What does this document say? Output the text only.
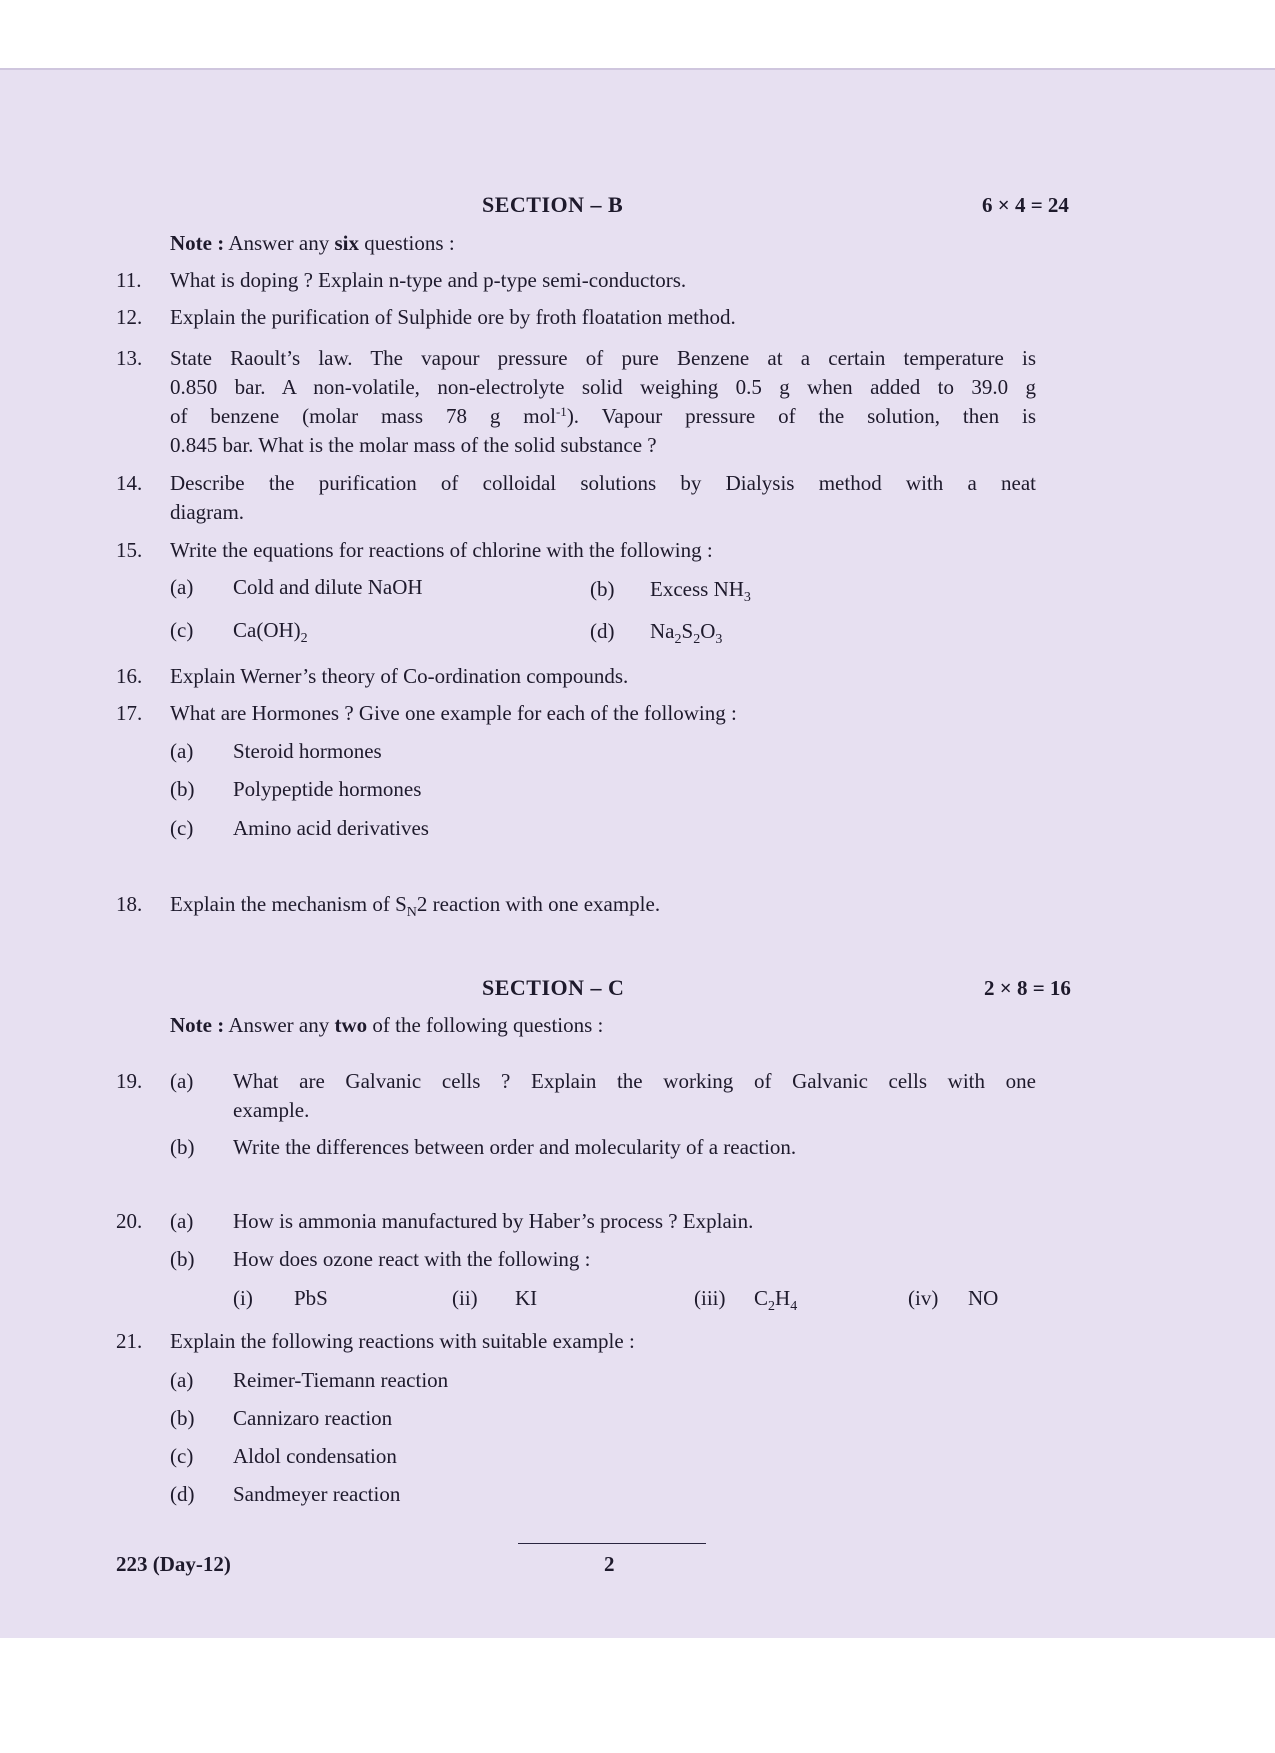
SECTION – B	6 × 4 = 24
Note : Answer any six questions :
11.	What is doping ? Explain n-type and p-type semi-conductors.
12.	Explain the purification of Sulphide ore by froth floatation method.
13.	State Raoult’s law. The vapour pressure of pure Benzene at a certain temperature is
0.850 bar. A non-volatile, non-electrolyte solid weighing 0.5 g when added to 39.0 g
of benzene (molar mass 78 g mol$^{-1}$). Vapour pressure of the solution, then is
0.845 bar. What is the molar mass of the solid substance ?
14.	Describe the purification of colloidal solutions by Dialysis method with a neat
diagram.
15.	Write the equations for reactions of chlorine with the following :
(a) Cold and dilute NaOH	(b) Excess $NH_3$
(c) $Ca(OH)_2$	(d) $Na_2S_2O_3$
16.	Explain Werner’s theory of Co-ordination compounds.
17.	What are Hormones ? Give one example for each of the following :
(a) Steroid hormones
(b) Polypeptide hormones
(c) Amino acid derivatives
18.	Explain the mechanism of $S_N2$ reaction with one example.
SECTION – C	2 × 8 = 16
Note : Answer any two of the following questions :
19.	(a) What are Galvanic cells ? Explain the working of Galvanic cells with one
example.
(b) Write the differences between order and molecularity of a reaction.
20.	(a) How is ammonia manufactured by Haber’s process ? Explain.
(b) How does ozone react with the following :
(i) PbS	(ii) KI	(iii) $C_2H_4$	(iv) NO
21.	Explain the following reactions with suitable example :
(a) Reimer-Tiemann reaction
(b) Cannizaro reaction
(c) Aldol condensation
(d) Sandmeyer reaction
223 (Day-12)	2
